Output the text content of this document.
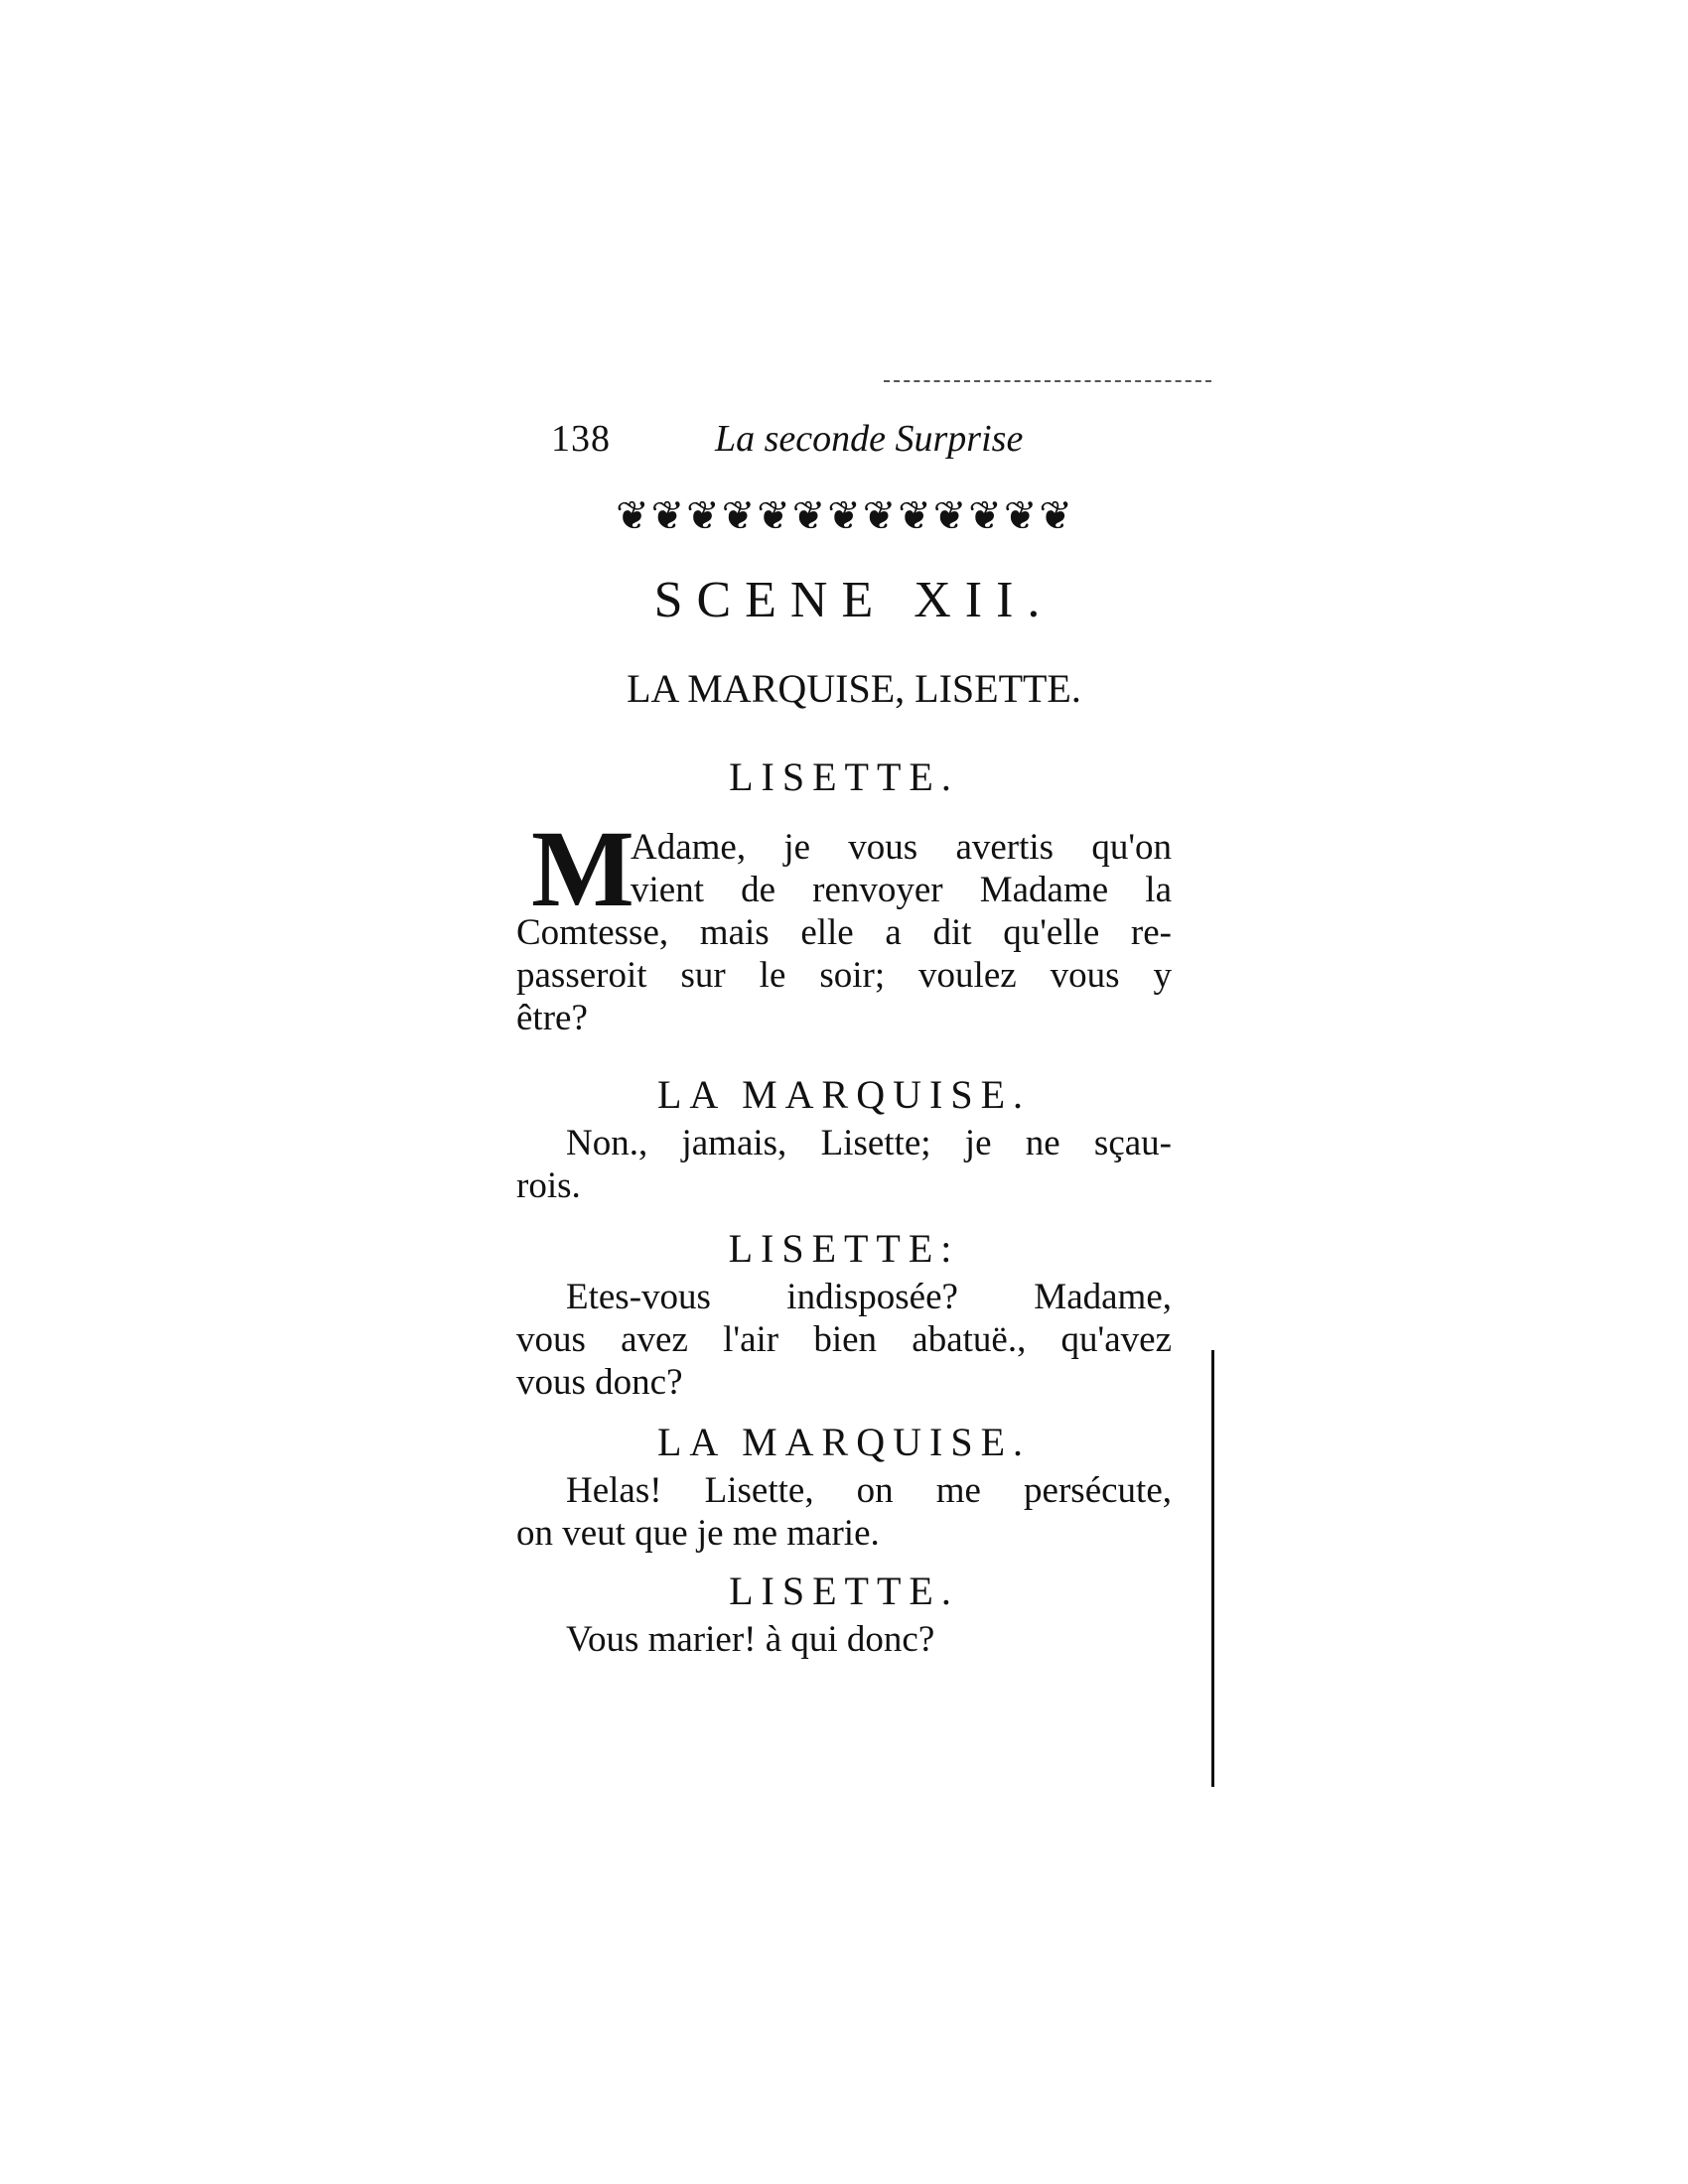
138	La seconde Surprise
❦ ❦ ❦ ❦ ❦ ❦ ❦ ❦ ❦ ❦ ❦ ❦ ❦
SCENE XII.
LA MARQUISE, LISETTE.

LISETTE.

M

Adame, je vous avertis qu'on

vient de renvoyer Madame la

Comtesse, mais elle a dit qu'elle re-

passeroit sur le soir; voulez vous y

être?

LA MARQUISE.

Non., jamais, Lisette; je ne sçau-

rois.

LISETTE:

Etes-vous indisposée? Madame,

vous avez l'air bien abatuë., qu'avez

vous donc?

LA MARQUISE.

Helas! Lisette, on me persécute,

on veut que je me marie.

LISETTE.

Vous marier! à qui donc?
